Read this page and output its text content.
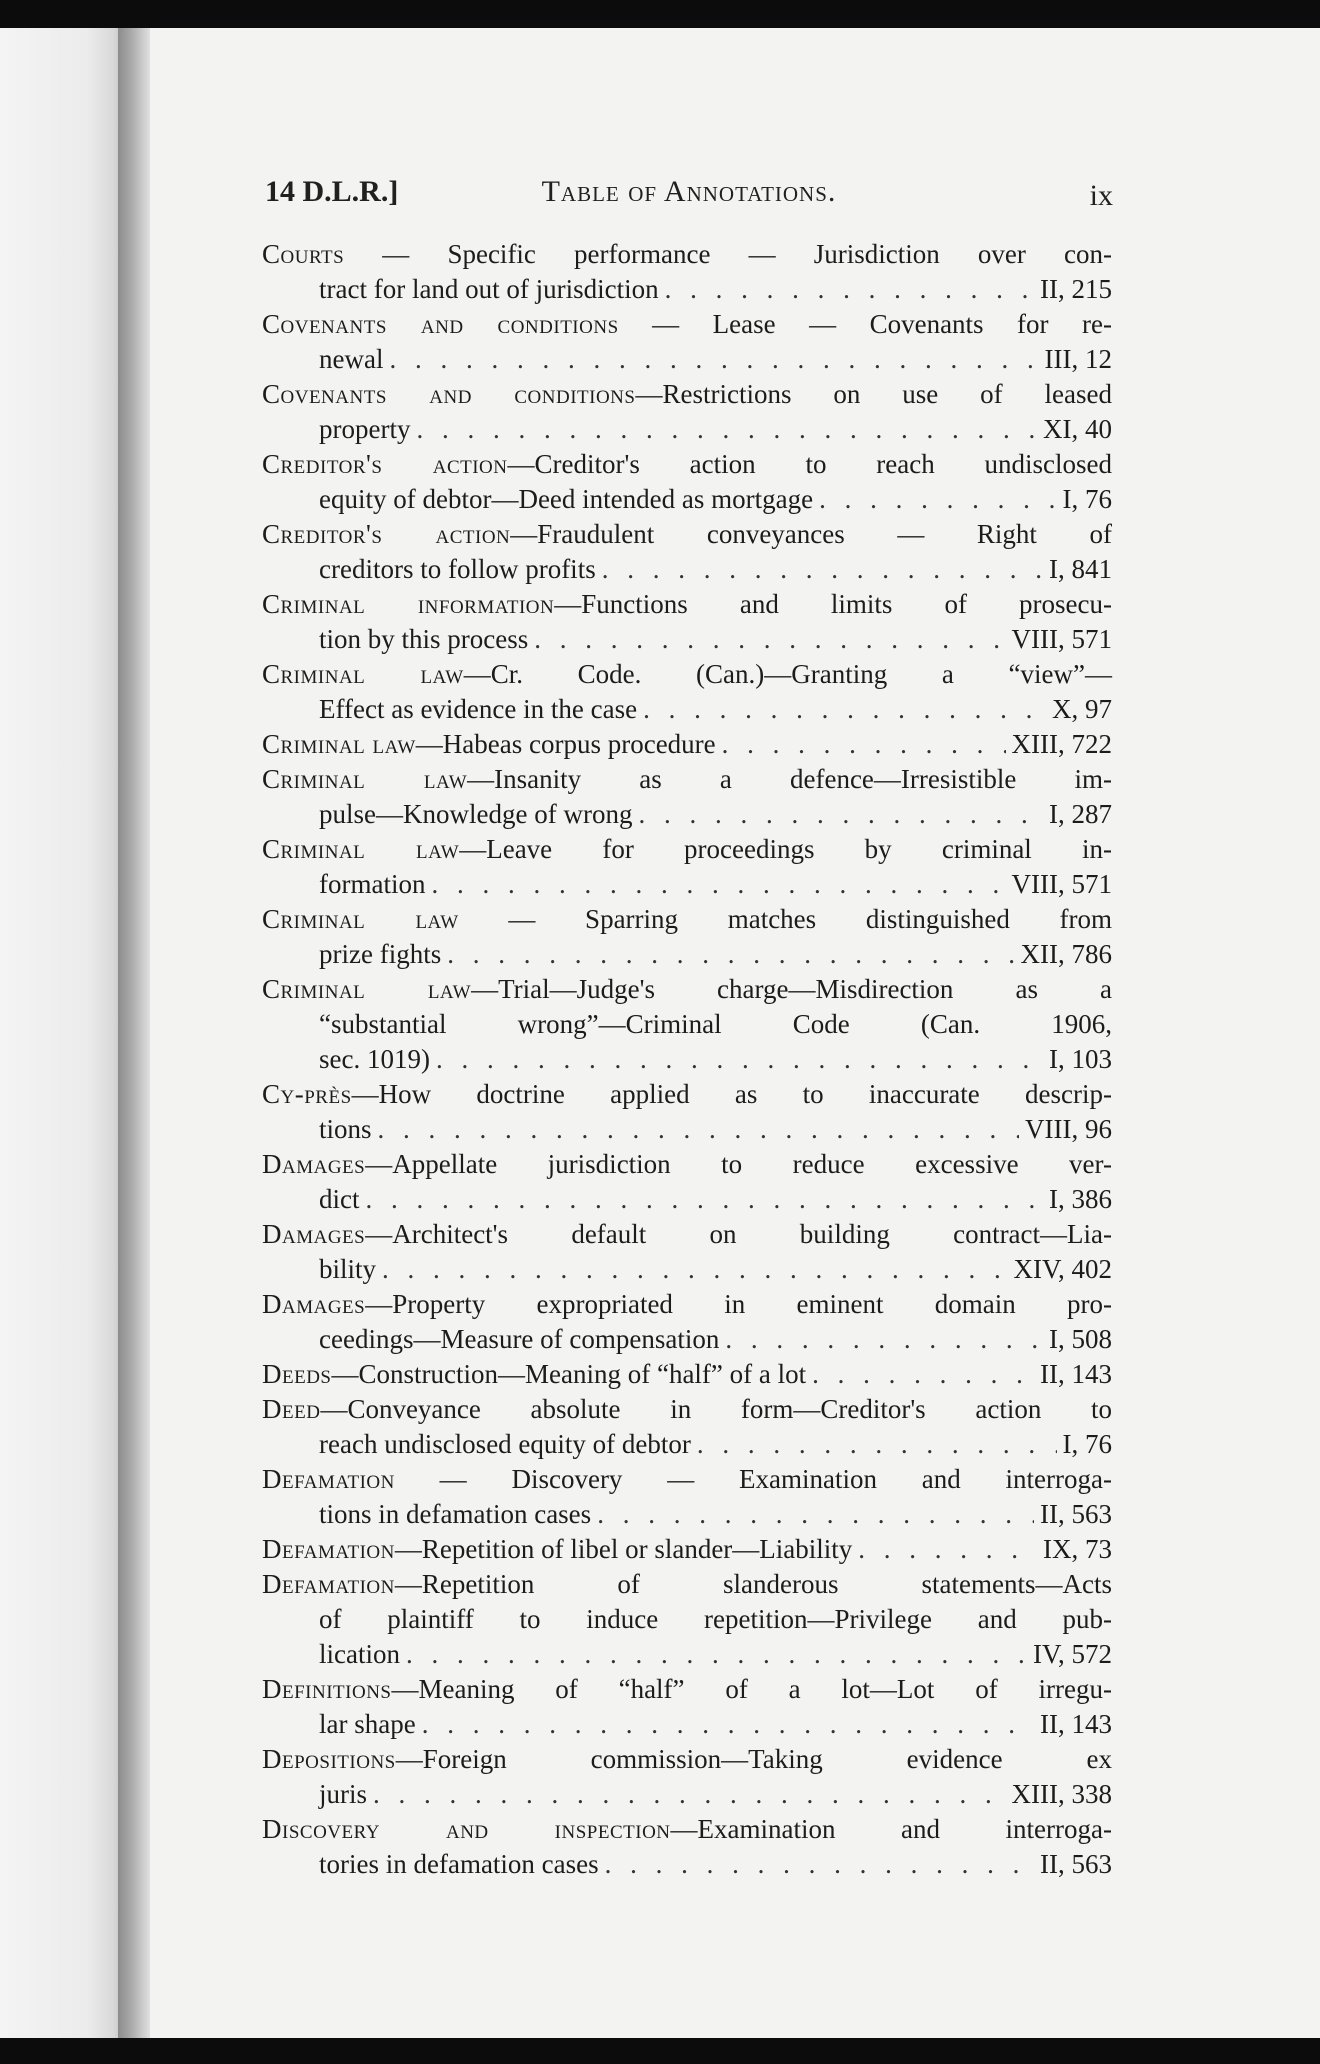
14 D.L.R.]	Table of Annotations.	ix
Courts — Specific performance — Jurisdiction over con-
tract for land out of jurisdiction . . .	II, 215
Covenants and conditions — Lease — Covenants for re-
newal . . .	III, 12
Covenants and conditions—Restrictions on use of leased
property . . .	XI, 40
Creditor's action—Creditor's action to reach undisclosed
equity of debtor—Deed intended as mortgage . . .	I, 76
Creditor's action—Fraudulent conveyances — Right of
creditors to follow profits . . .	I, 841
Criminal information—Functions and limits of prosecu-
tion by this process . . .	VIII, 571
Criminal law—Cr. Code. (Can.)—Granting a “view”—
Effect as evidence in the case . . .	X, 97
Criminal law—Habeas corpus procedure . . .	XIII, 722
Criminal law—Insanity as a defence—Irresistible im-
pulse—Knowledge of wrong . . .	I, 287
Criminal law—Leave for proceedings by criminal in-
formation . . .	VIII, 571
Criminal law — Sparring matches distinguished from
prize fights . . .	XII, 786
Criminal law—Trial—Judge's charge—Misdirection as a
“substantial wrong”—Criminal Code (Can. 1906,
sec. 1019) . . .	I, 103
Cy-près—How doctrine applied as to inaccurate descrip-
tions . . .	VIII, 96
Damages—Appellate jurisdiction to reduce excessive ver-
dict . . .	I, 386
Damages—Architect's default on building contract—Lia-
bility . . .	XIV, 402
Damages—Property expropriated in eminent domain pro-
ceedings—Measure of compensation . . .	I, 508
Deeds—Construction—Meaning of “half” of a lot . . .	II, 143
Deed—Conveyance absolute in form—Creditor's action to
reach undisclosed equity of debtor . . .	I, 76
Defamation — Discovery — Examination and interroga-
tions in defamation cases . . .	II, 563
Defamation—Repetition of libel or slander—Liability . . .	IX, 73
Defamation—Repetition of slanderous statements—Acts
of plaintiff to induce repetition—Privilege and pub-
lication . . .	IV, 572
Definitions—Meaning of “half” of a lot—Lot of irregu-
lar shape . . .	II, 143
Depositions—Foreign commission—Taking evidence ex
juris . . .	XIII, 338
Discovery and inspection—Examination and interroga-
tories in defamation cases . . .	II, 563
